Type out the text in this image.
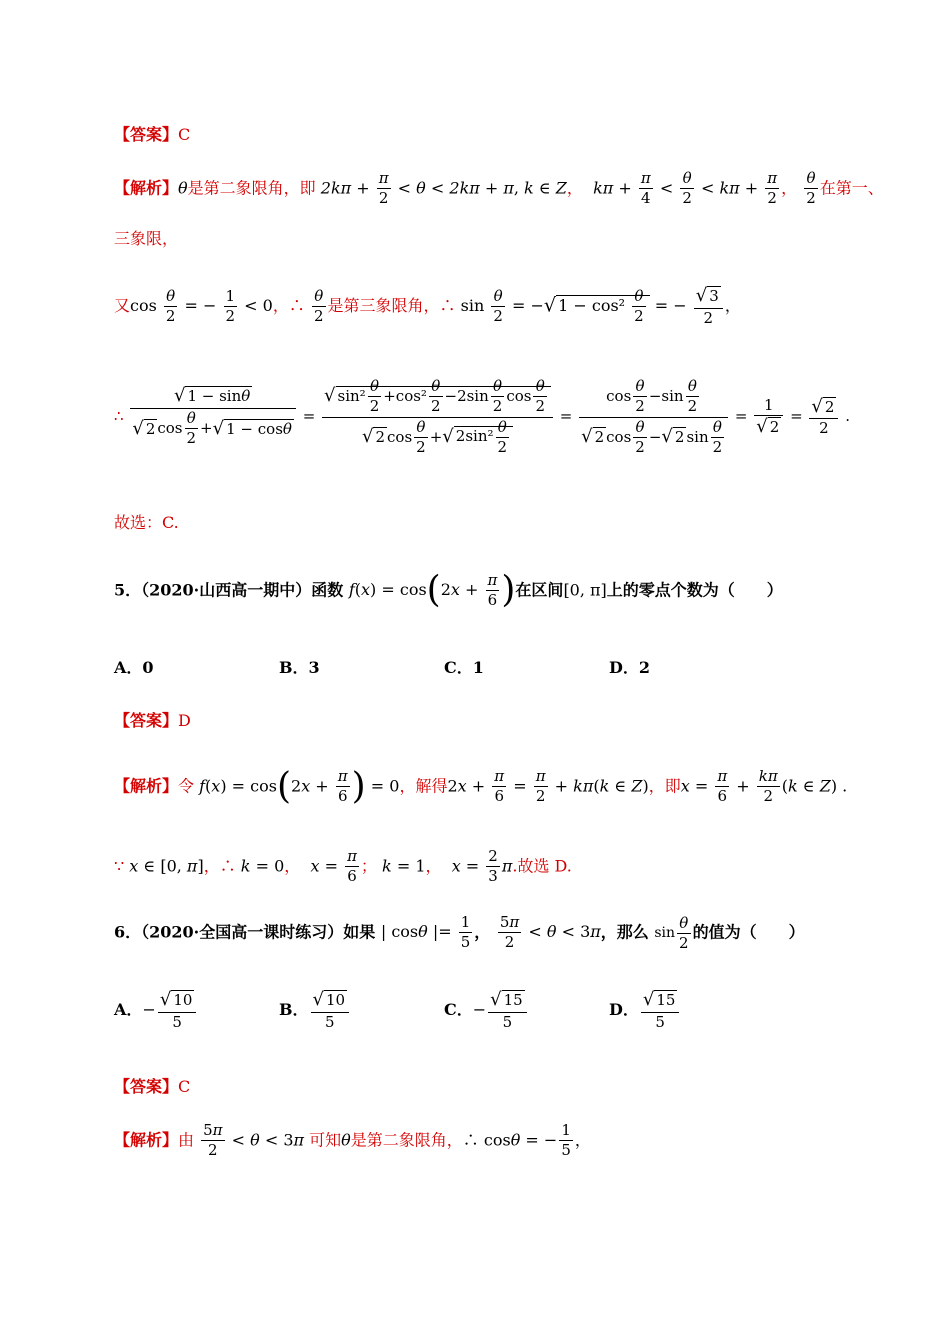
【答案】C
【解析】θ是第二象限角，即 $2k\pi + \frac{\pi}{2} < \theta < 2k\pi + \pi$, k ∈ Z， $k\pi + \frac{\pi}{4} < \frac{\theta}{2} < k\pi + \frac{\pi}{2}$ ， $\frac{\theta}{2}$ 在第一、
三象限，
又$\cos \frac{\theta}{2}$ = − $\frac{1}{2} < 0$，∴ $\frac{\theta}{2}$ 是第三象限角，∴ $\sin \frac{\theta}{2}$ = −√ $1 - \cos^2 \frac{\theta}{2}$ = − $\frac{√ 3}{2}$ ，
∴ $\frac{√ 1 - \sin\theta}{√ 2 \cos \frac{\theta}{2} +√ 1 - \cos\theta} = \frac{√ \sin^2 \frac{\theta}{2} +\cos^2 \frac{\theta}{2} -2\sin \frac{\theta}{2} \cos \frac{\theta}{2}}{√ 2 \cos \frac{\theta}{2} +√ 2\sin^2 \frac{\theta}{2}} = \frac{\cos \frac{\theta}{2} -\sin \frac{\theta}{2}}{√ 2 \cos \frac{\theta}{2} -√ 2 \sin \frac{\theta}{2}} = \frac{1}{√ 2} = \frac{√ 2}{2}$ .
故选：C.
5．（2020·山西高一期中）函数 $f(x) = \cos(2x + \frac{\pi}{6}$ )在区间[0, π]上的零点个数为（　　）
A．0	B．3	C．1	D．2
【答案】D
【解析】令 $f(x) = \cos(2x + \frac{\pi}{6}$ ) = 0，解得$2x + \frac{\pi}{6} = \frac{\pi}{2} + k\pi(k$ ∈ Z)，即$x = \frac{\pi}{6} + \frac{k\pi}{2} (k$ ∈ Z) .
∵ x ∈ [0, π]，∴ k = 0， $x = \frac{\pi}{6}$ ； k = 1， $x = \frac{2}{3} \pi$.故选 D.
6．（2020·全国高一课时练习）如果 | cosθ |= $\frac{1}{5}$ ， $\frac{5\pi}{2} < \theta < 3\pi$，那么 $\sin \frac{\theta}{2}$ 的值为（　　）
A．− $\frac{√ 10}{5}$	B． $\frac{√ 10}{5}$	C．− $\frac{√ 15}{5}$	D． $\frac{√ 15}{5}$
【答案】C
【解析】由 $\frac{5\pi}{2} < \theta < 3\pi$ 可知θ是第二象限角，∴ cosθ = − $\frac{1}{5}$ ，
